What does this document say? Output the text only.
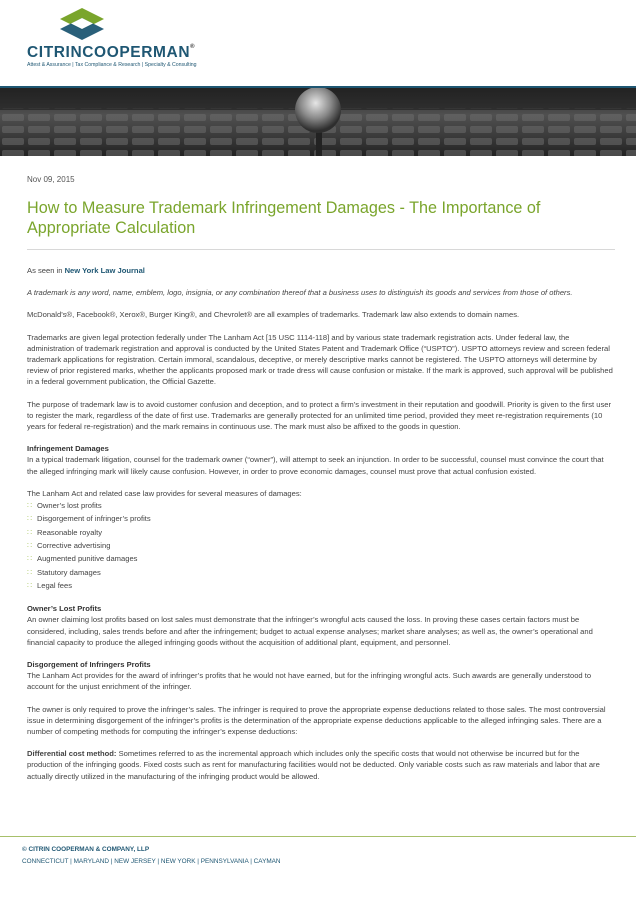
CITRINCOOPERMAN®
Attest & Assurance | Tax Compliance & Research | Specialty & Consulting
Nov 09, 2015
How to Measure Trademark Infringement Damages - The Importance of Appropriate Calculation

As seen in New York Law Journal

A trademark is any word, name, emblem, logo, insignia, or any combination thereof that a business uses to distinguish its goods and services from those of others.

McDonald’s®, Facebook®, Xerox®, Burger King®, and Chevrolet® are all examples of trademarks. Trademark law also extends to domain names.

Trademarks are given legal protection federally under The Lanham Act [15 USC 1114-118] and by various state trademark registration acts. Under federal law, the administration of trademark registration and approval is conducted by the United States Patent and Trademark Office (“USPTO”). USPTO attorneys review and screen federal trademark applications for registration. Certain immoral, scandalous, deceptive, or merely descriptive marks cannot be registered. The USPTO attorneys will determine by review of prior registered marks, whether the applicants proposed mark or trade dress will cause confusion or mistake. If the mark is approved, such approval will be published in a federal government publication, the Official Gazette.

The purpose of trademark law is to avoid customer confusion and deception, and to protect a firm’s investment in their reputation and goodwill. Priority is given to the first user to register the mark, regardless of the date of first use. Trademarks are generally protected for an unlimited time period, provided they meet re-registration requirements (10 years for federal re-registration) and the mark remains in continuous use. The mark must also be affixed to the goods in question.

Infringement Damages

In a typical trademark litigation, counsel for the trademark owner (“owner”), will attempt to seek an injunction. In order to be successful, counsel must convince the court that the alleged infringing mark will likely cause confusion. However, in order to prove economic damages, counsel must prove that actual confusion existed.

The Lanham Act and related case law provides for several measures of damages:

∷ Owner’s lost profits
∷ Disgorgement of infringer’s profits
∷ Reasonable royalty
∷ Corrective advertising
∷ Augmented punitive damages
∷ Statutory damages
∷ Legal fees
Owner’s Lost Profits

An owner claiming lost profits based on lost sales must demonstrate that the infringer’s wrongful acts caused the loss. In proving these cases certain factors must be considered, including, sales trends before and after the infringement; budget to actual expense analyses; market share analyses; as well as, the owner’s operational and financial capacity to produce the alleged infringing goods without the acquisition of additional plant, equipment, and personnel.

Disgorgement of Infringers Profits

The Lanham Act provides for the award of infringer’s profits that he would not have earned, but for the infringing wrongful acts. Such awards are generally understood to account for the unjust enrichment of the infringer.

The owner is only required to prove the infringer’s sales. The infringer is required to prove the appropriate expense deductions related to those sales. The most controversial issue in determining disgorgement of the infringer’s profits is the determination of the appropriate expense deductions applicable to the alleged infringing sales. There are a number of competing methods for computing the infringer’s expense deductions:

Differential cost method: Sometimes referred to as the incremental approach which includes only the specific costs that would not otherwise be incurred but for the production of the infringing goods. Fixed costs such as rent for manufacturing facilities would not be deducted. Only variable costs such as raw materials and labor that are actually directly utilized in the manufacturing of the infringing product would be allowed.

© CITRIN COOPERMAN & COMPANY, LLP
CONNECTICUT | MARYLAND | NEW JERSEY | NEW YORK | PENNSYLVANIA | CAYMAN
